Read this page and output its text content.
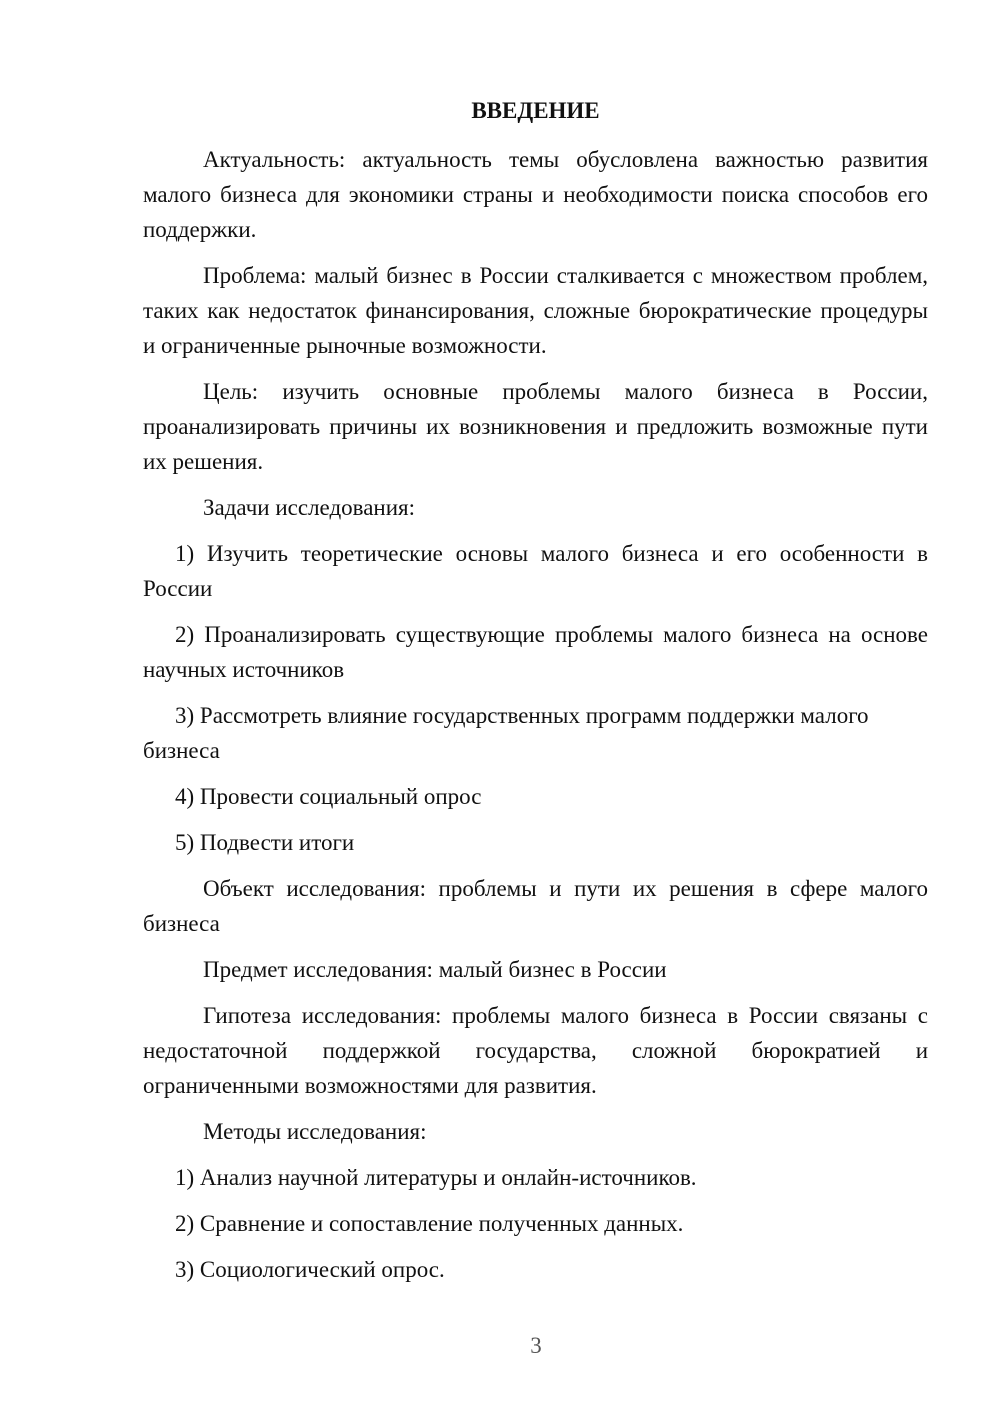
ВВЕДЕНИЕ

Актуальность: актуальность темы обусловлена важностью развития малого бизнеса для экономики страны и необходимости поиска способов его поддержки.

Проблема: малый бизнес в России сталкивается с множеством проблем, таких как недостаток финансирования, сложные бюрократические процедуры и ограниченные рыночные возможности.

Цель: изучить основные проблемы малого бизнеса в России, проанализировать причины их возникновения и предложить возможные пути их решения.

Задачи исследования:

1) Изучить теоретические основы малого бизнеса и его особенности в России

2) Проанализировать существующие проблемы малого бизнеса на основе научных источников

3) Рассмотреть влияние государственных программ поддержки малого бизнеса

4) Провести социальный опрос

5) Подвести итоги

Объект исследования: проблемы и пути их решения в сфере малого бизнеса

Предмет исследования: малый бизнес в России

Гипотеза исследования: проблемы малого бизнеса в России связаны с недостаточной поддержкой государства, сложной бюрократией и ограниченными возможностями для развития.

Методы исследования:

1) Анализ научной литературы и онлайн-источников.

2) Сравнение и сопоставление полученных данных.

3) Социологический опрос.

3
